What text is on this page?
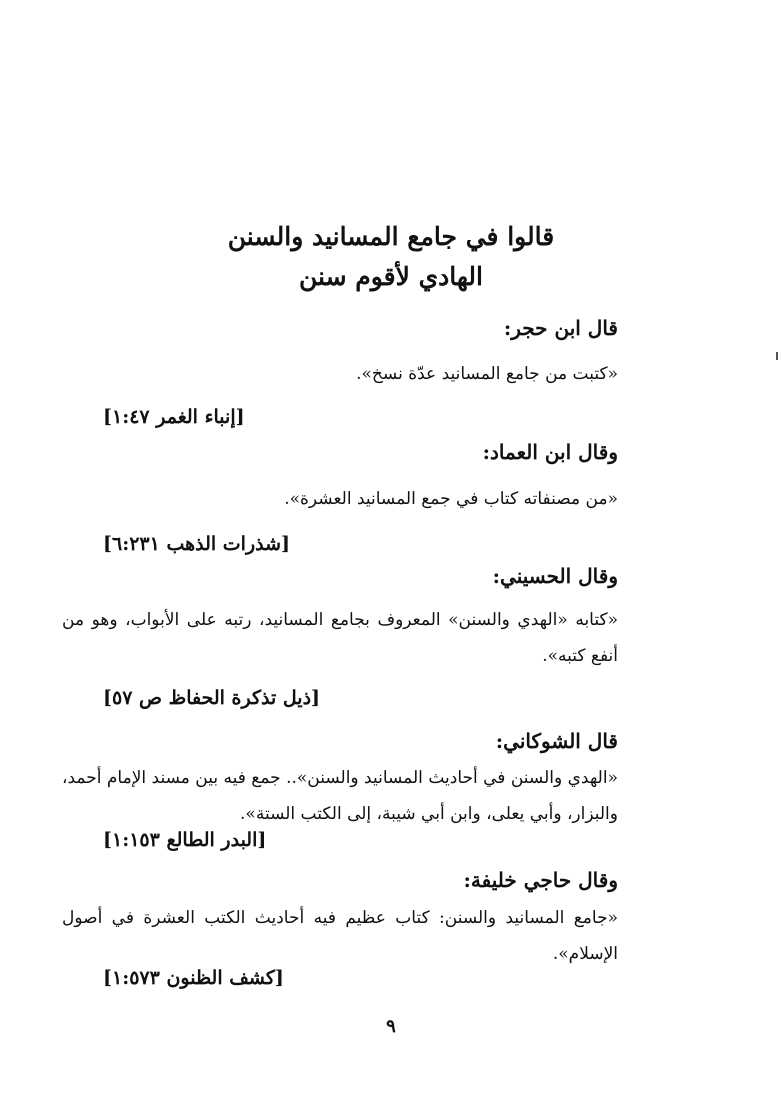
قالوا في جامع المسانيد والسنن
الهادي لأقوم سنن
قال ابن حجر:
«كتبت من جامع المسانيد عدّة نسخ».
[إنباء الغمر ١:٤٧]
وقال ابن العماد:
«من مصنفاته كتاب في جمع المسانيد العشرة».
[شذرات الذهب ٦:٢٣١]
وقال الحسيني:
«كتابه «الهدي والسنن» المعروف بجامع المسانيد، رتبه على الأبواب، وهو من أنفع كتبه».
[ذيل تذكرة الحفاظ ص ٥٧]
قال الشوكاني:
«الهدي والسنن في أحاديث المسانيد والسنن».. جمع فيه بين مسند الإمام أحمد، والبزار، وأبي يعلى، وابن أبي شيبة، إلى الكتب الستة».
[البدر الطالع ١:١٥٣]
وقال حاجي خليفة:
«جامع المسانيد والسنن: كتاب عظيم فيه أحاديث الكتب العشرة في أصول الإسلام».
[كشف الظنون ١:٥٧٣]
٩
